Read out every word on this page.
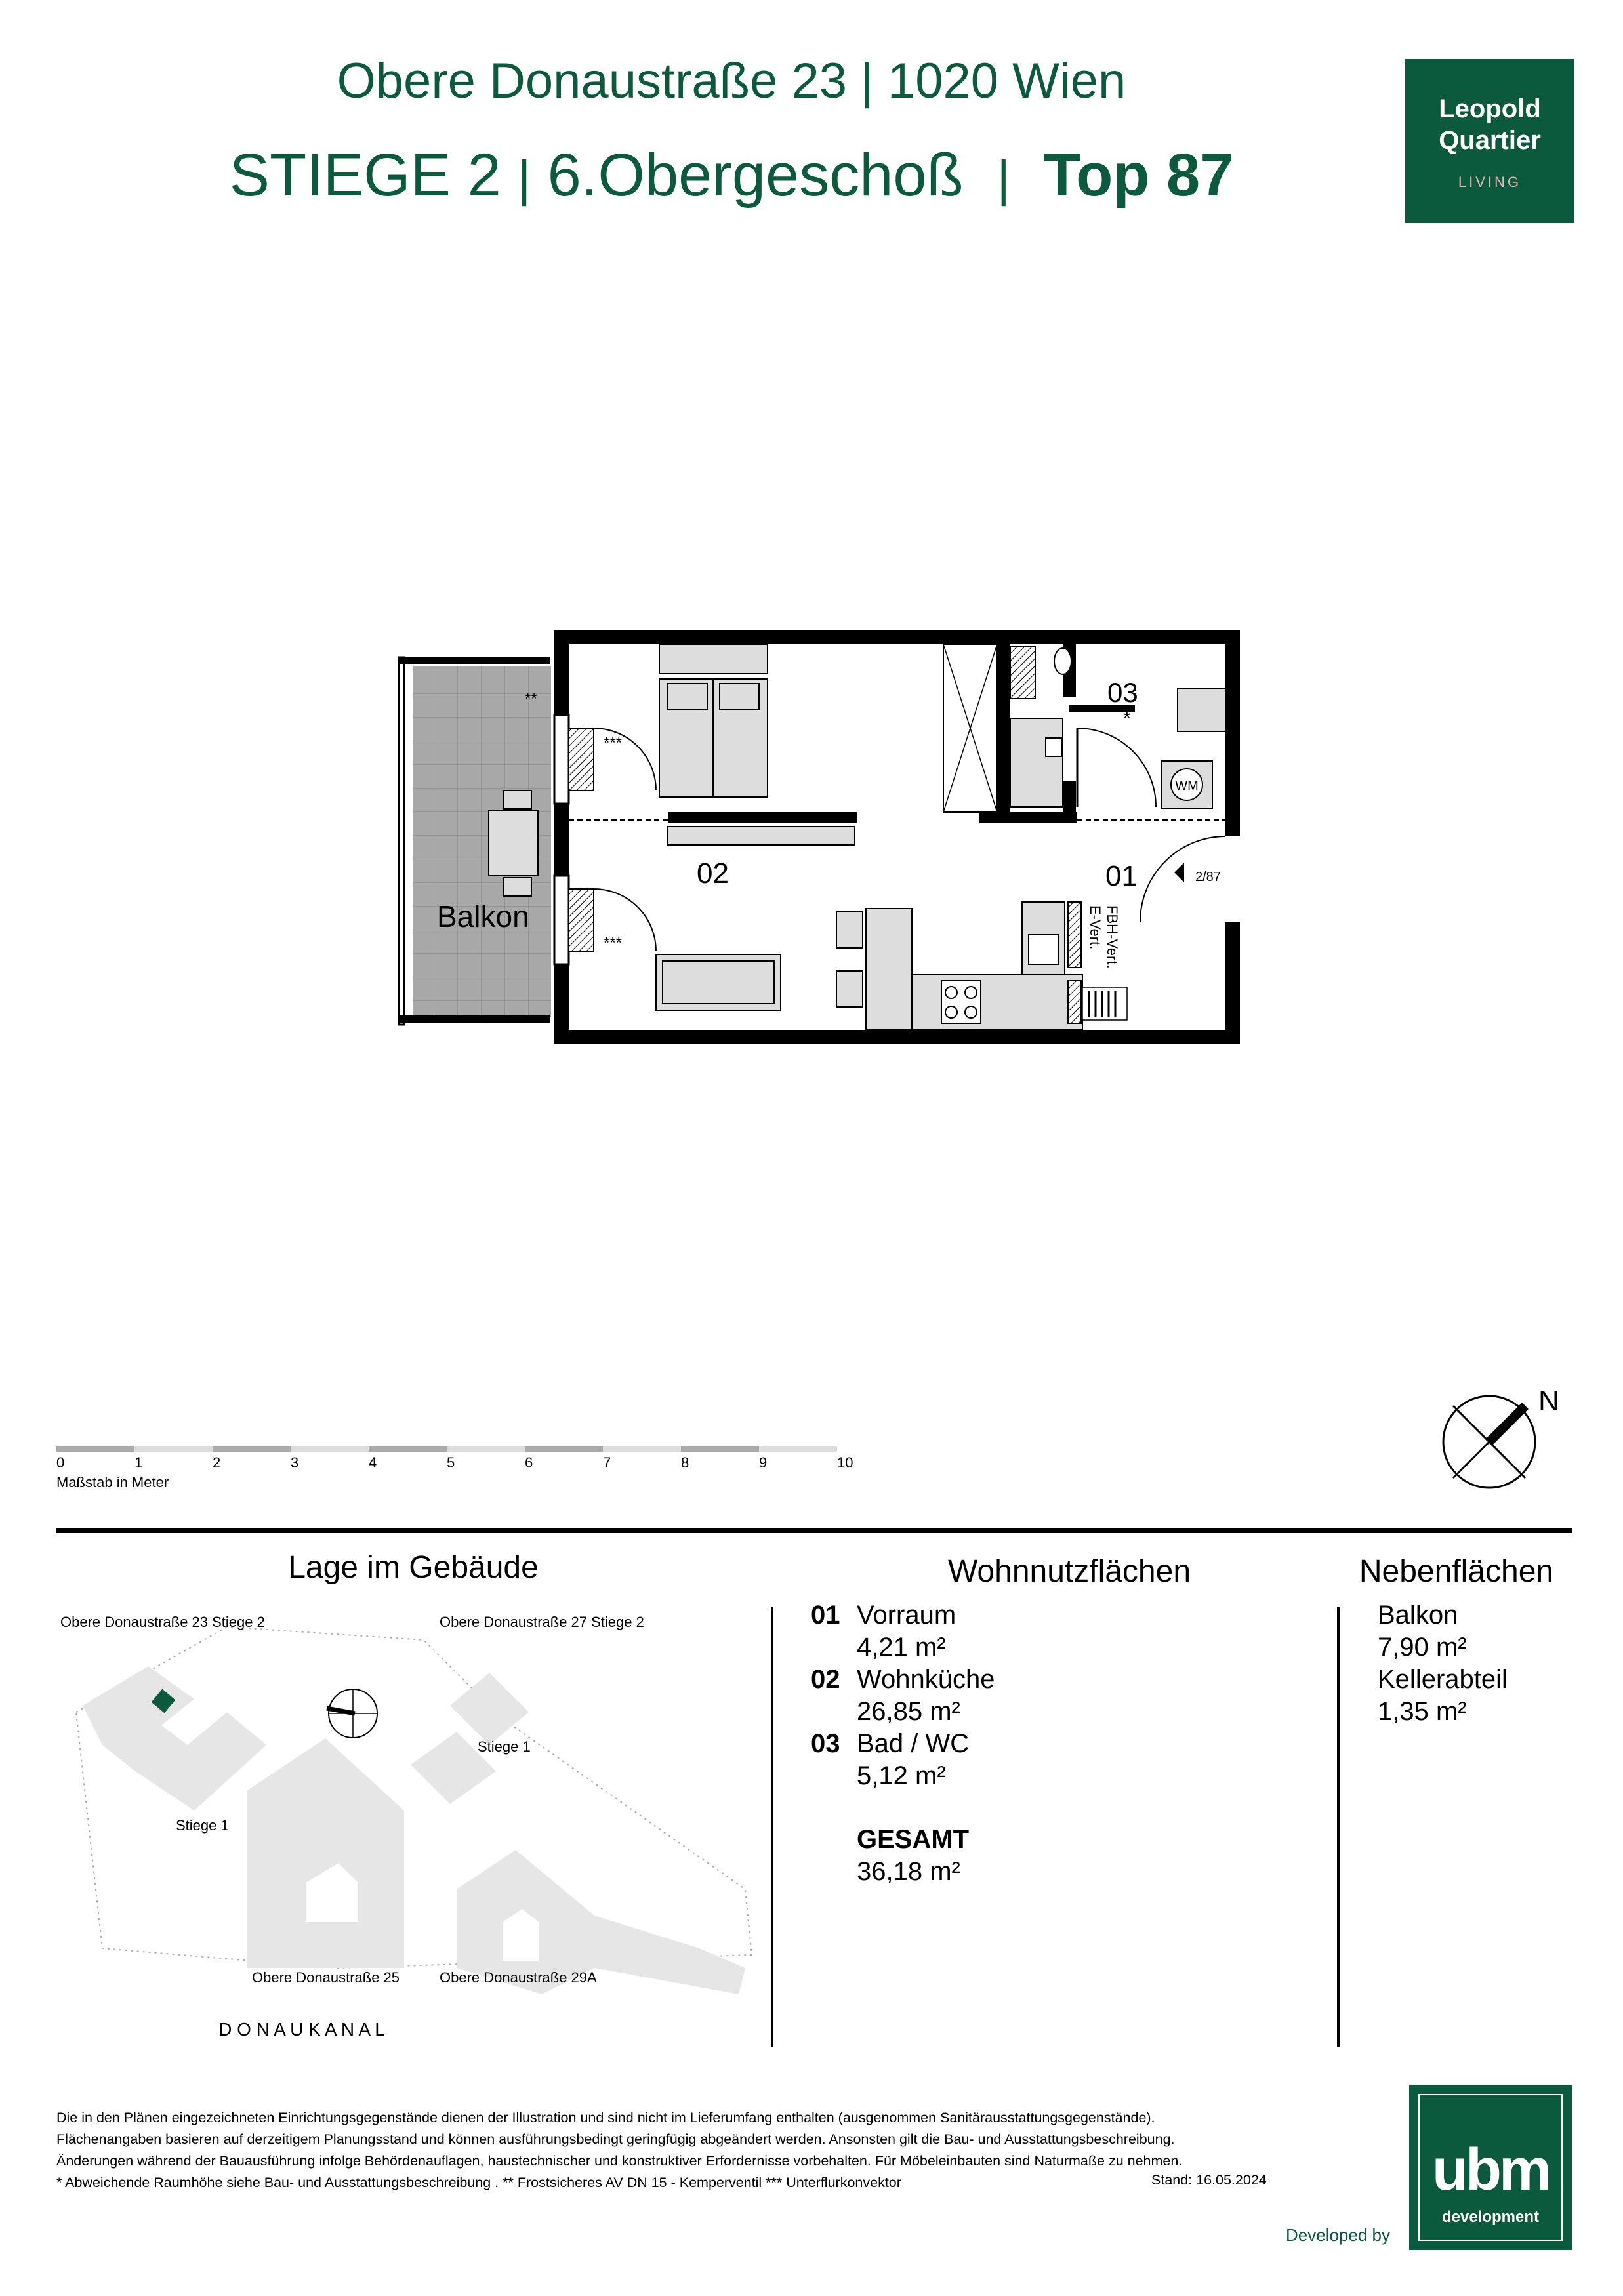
Obere Donaustraße 23 | 1020 Wien
STIEGE 2 | 6.Obergeschoß | Top 87
Leopold
Quartier
LIVING
**
Balkon
***
***
WM
03
*
02
FBH-Vert.
E-Vert.
2/87
01
0	1	2	3	4	5	6	7	8	9	10
Maßstab in Meter
N
Lage im Gebäude
Obere Donaustraße 23 Stiege 2	Obere Donaustraße 27 Stiege 2
Stiege 1
Stiege 1
Obere Donaustraße 25	Obere Donaustraße 29A
D O N A U K A N A L
Wohnnutzflächen
01 Vorraum
4,21 m²
02 Wohnküche
26,85 m²
03 Bad / WC
5,12 m²
GESAMT
36,18 m²
Nebenflächen
Balkon
7,90 m²
Kellerabteil
1,35 m²
Die in den Plänen eingezeichneten Einrichtungsgegenstände dienen der Illustration und sind nicht im Lieferumfang enthalten (ausgenommen Sanitärausstattungsgegenstände).
Flächenangaben basieren auf derzeitigem Planungsstand und können ausführungsbedingt geringfügig abgeändert werden. Ansonsten gilt die Bau- und Ausstattungsbeschreibung.
Änderungen während der Bauausführung infolge Behördenauflagen, haustechnischer und konstruktiver Erfordernisse vorbehalten. Für Möbeleinbauten sind Naturmaße zu nehmen.
* Abweichende Raumhöhe siehe Bau- und Ausstattungsbeschreibung . ** Frostsicheres AV DN 15 - Kemperventil *** Unterflurkonvektor	Stand: 16.05.2024
Developed by
ubm
development
